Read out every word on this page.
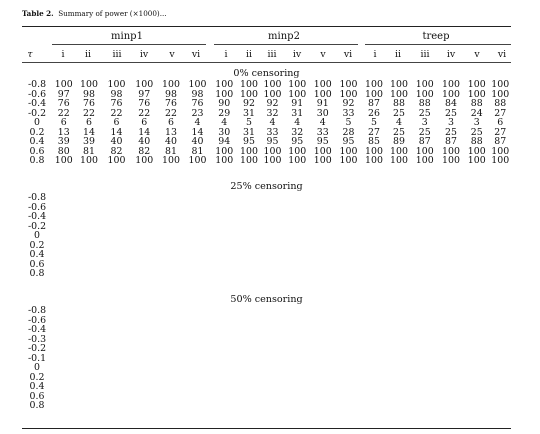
Table 2. Summary of power (×1000)...
minp1	minp2	treep
τ	i	ii	iii	iv	v	vi	i	ii	iii	iv	v	vi	i	ii	iii	iv	v	vi
0% censoring
-0.8	100	100	100	100	100	100	100	100	100	100	100	100	100	100	100	100	100	100
-0.6	97	98	98	97	98	98	100	100	100	100	100	100	100	100	100	100	100	100
-0.4	76	76	76	76	76	76	90	92	92	91	91	92	87	88	88	84	88	88
-0.2	22	22	22	22	22	23	29	31	32	31	30	33	26	25	25	25	24	27
0	6	6	6	6	6	4	4	5	4	4	4	5	5	4	3	3	3	6
0.2	13	14	14	14	13	14	30	31	33	32	33	28	27	25	25	25	25	27
0.4	39	39	40	40	40	40	94	95	95	95	95	95	85	89	87	87	88	87
0.6	80	81	82	82	81	81	100	100	100	100	100	100	100	100	100	100	100	100
0.8	100	100	100	100	100	100	100	100	100	100	100	100	100	100	100	100	100	100
25% censoring
-0.8																		
-0.6																		
-0.4																		
-0.2																		
0																		
0.2																		
0.4																		
0.6																		
0.8																		
50% censoring
-0.8																		
-0.6																		
-0.4																		
-0.3																		
-0.2																		
-0.1																		
0																		
0.2																		
0.4																		
0.6																		
0.8																		
